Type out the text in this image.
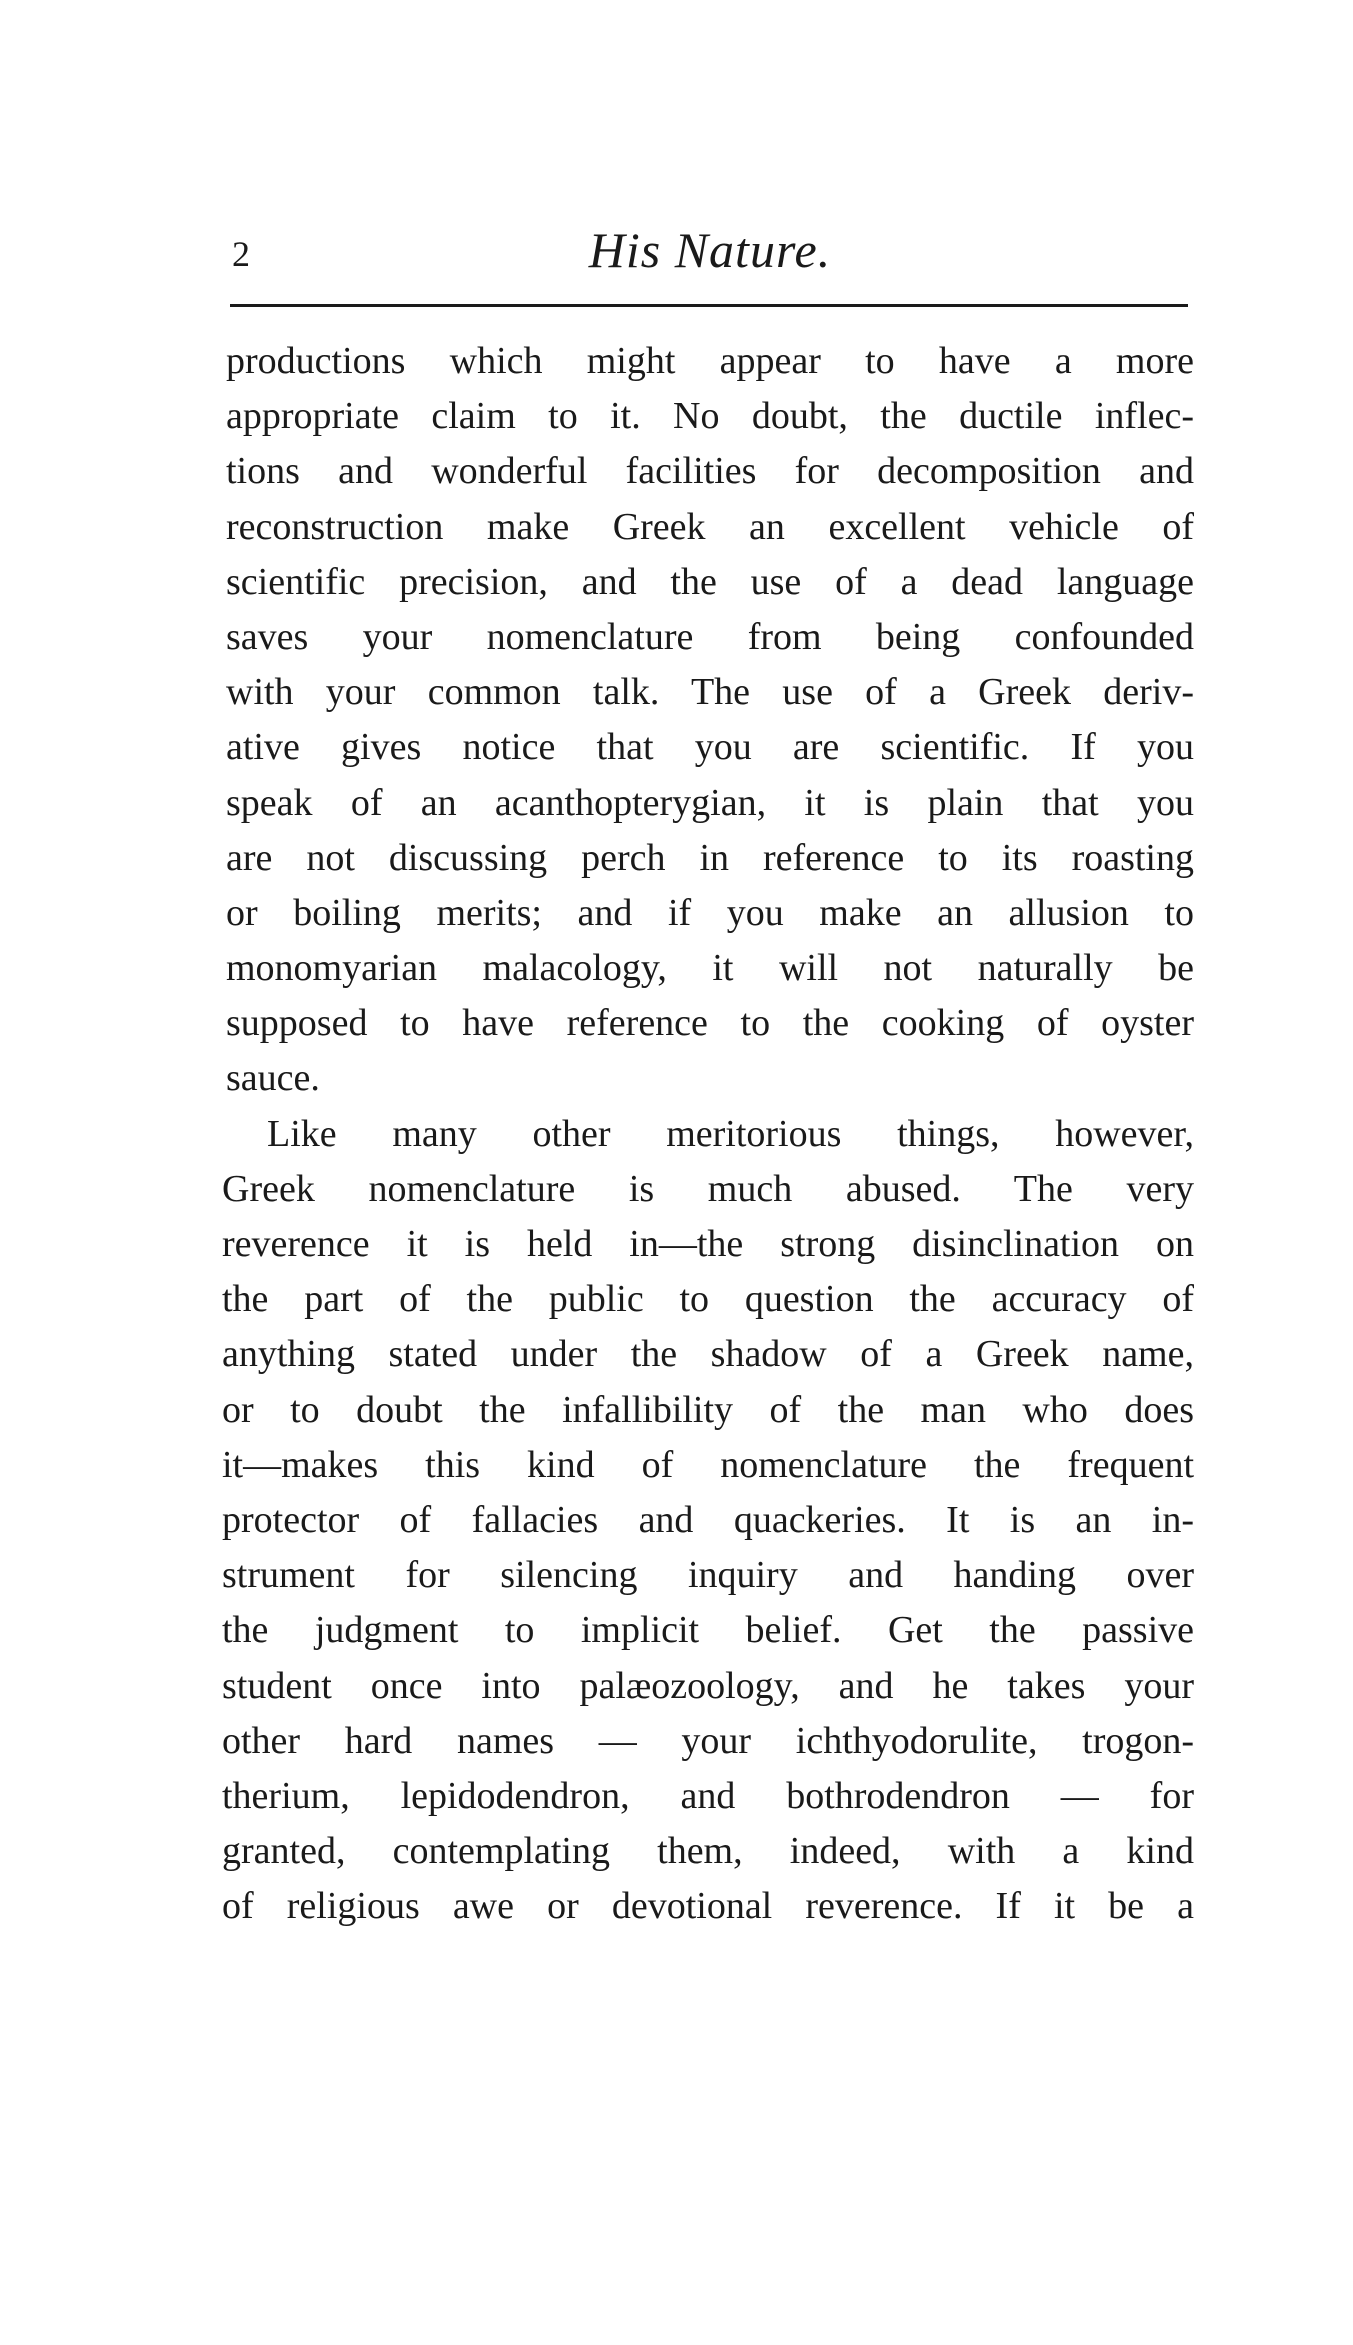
2	His Nature.
productions which might appear to have a more
appropriate claim to it. No doubt, the ductile inflec-
tions and wonderful facilities for decomposition and
reconstruction make Greek an excellent vehicle of
scientific precision, and the use of a dead language
saves your nomenclature from being confounded
with your common talk. The use of a Greek deriv-
ative gives notice that you are scientific. If you
speak of an acanthopterygian, it is plain that you
are not discussing perch in reference to its roasting
or boiling merits; and if you make an allusion to
monomyarian malacology, it will not naturally be
supposed to have reference to the cooking of oyster
sauce.
Like many other meritorious things, however,
Greek nomenclature is much abused. The very
reverence it is held in—the strong disinclination on
the part of the public to question the accuracy of
anything stated under the shadow of a Greek name,
or to doubt the infallibility of the man who does
it—makes this kind of nomenclature the frequent
protector of fallacies and quackeries. It is an in-
strument for silencing inquiry and handing over
the judgment to implicit belief. Get the passive
student once into palæozoology, and he takes your
other hard names — your ichthyodorulite, trogon-
therium, lepidodendron, and bothrodendron — for
granted, contemplating them, indeed, with a kind
of religious awe or devotional reverence. If it be a
